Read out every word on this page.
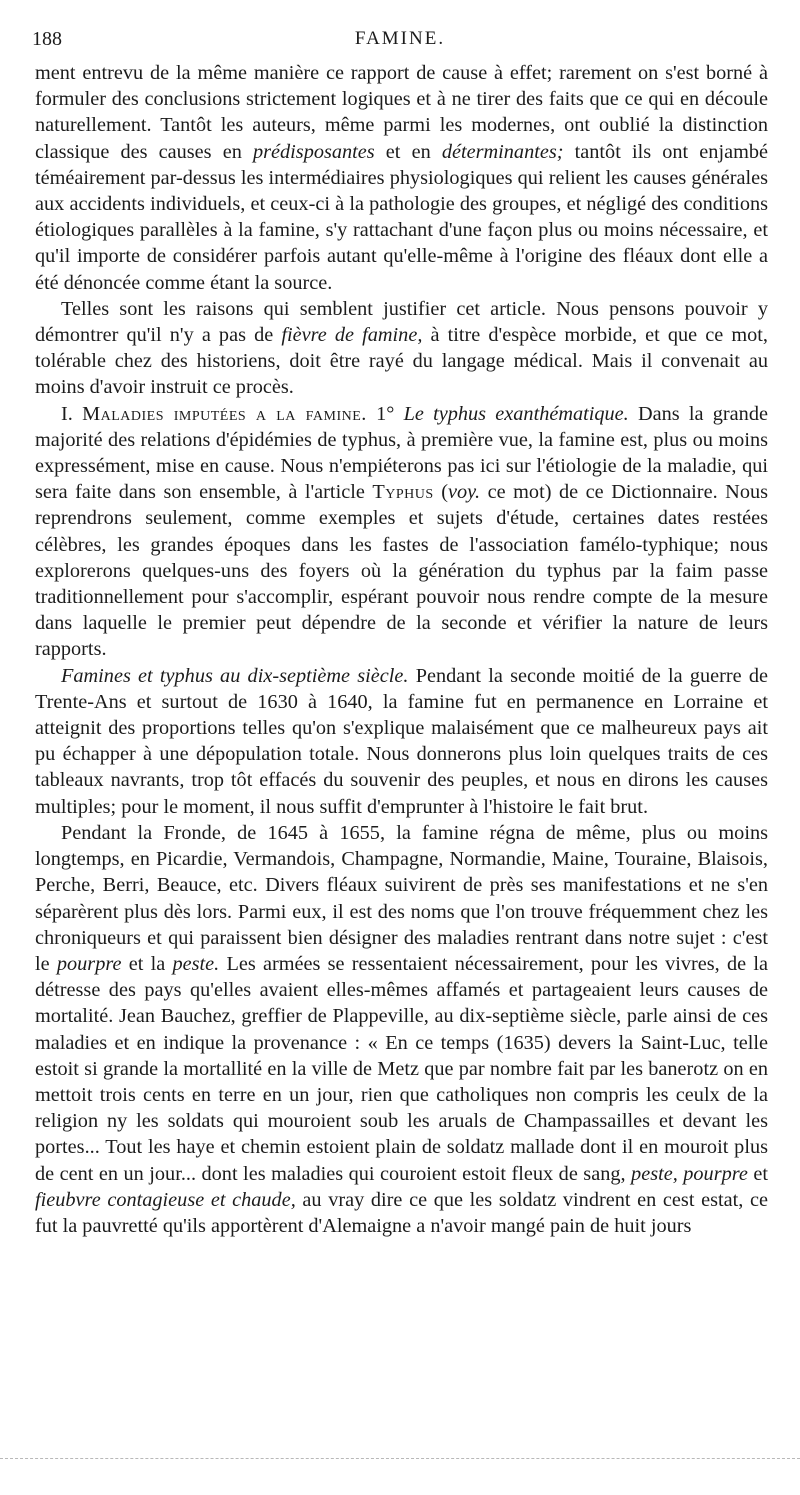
188	FAMINE.

ment entrevu de la même manière ce rapport de cause à effet; rarement on s'est borné à formuler des conclusions strictement logiques et à ne tirer des faits que ce qui en découle naturellement. Tantôt les auteurs, même parmi les modernes, ont oublié la distinction classique des causes en prédisposantes et en déterminantes; tantôt ils ont enjambé téméairement par-dessus les intermédiaires physiologiques qui relient les causes générales aux accidents individuels, et ceux-ci à la pathologie des groupes, et négligé des conditions étiologiques parallèles à la famine, s'y rattachant d'une façon plus ou moins nécessaire, et qu'il importe de considérer parfois autant qu'elle-même à l'origine des fléaux dont elle a été dénoncée comme étant la source.

Telles sont les raisons qui semblent justifier cet article. Nous pensons pouvoir y démontrer qu'il n'y a pas de fièvre de famine, à titre d'espèce morbide, et que ce mot, tolérable chez des historiens, doit être rayé du langage médical. Mais il convenait au moins d'avoir instruit ce procès.

I. Maladies imputées a la famine. 1° Le typhus exanthématique. Dans la grande majorité des relations d'épidémies de typhus, à première vue, la famine est, plus ou moins expressément, mise en cause. Nous n'empiéterons pas ici sur l'étiologie de la maladie, qui sera faite dans son ensemble, à l'article Typhus (voy. ce mot) de ce Dictionnaire. Nous reprendrons seulement, comme exemples et sujets d'étude, certaines dates restées célèbres, les grandes époques dans les fastes de l'association famélo-typhique; nous explorerons quelques-uns des foyers où la génération du typhus par la faim passe traditionnellement pour s'accomplir, espérant pouvoir nous rendre compte de la mesure dans laquelle le premier peut dépendre de la seconde et vérifier la nature de leurs rapports.

Famines et typhus au dix-septième siècle. Pendant la seconde moitié de la guerre de Trente-Ans et surtout de 1630 à 1640, la famine fut en permanence en Lorraine et atteignit des proportions telles qu'on s'explique malaisément que ce malheureux pays ait pu échapper à une dépopulation totale. Nous donnerons plus loin quelques traits de ces tableaux navrants, trop tôt effacés du souvenir des peuples, et nous en dirons les causes multiples; pour le moment, il nous suffit d'emprunter à l'histoire le fait brut.

Pendant la Fronde, de 1645 à 1655, la famine régna de même, plus ou moins longtemps, en Picardie, Vermandois, Champagne, Normandie, Maine, Touraine, Blaisois, Perche, Berri, Beauce, etc. Divers fléaux suivirent de près ses manifestations et ne s'en séparèrent plus dès lors. Parmi eux, il est des noms que l'on trouve fréquemment chez les chroniqueurs et qui paraissent bien désigner des maladies rentrant dans notre sujet : c'est le pourpre et la peste. Les armées se ressentaient nécessairement, pour les vivres, de la détresse des pays qu'elles avaient elles-mêmes affamés et partageaient leurs causes de mortalité. Jean Bauchez, greffier de Plappeville, au dix-septième siècle, parle ainsi de ces maladies et en indique la provenance : « En ce temps (1635) devers la Saint-Luc, telle estoit si grande la mortallité en la ville de Metz que par nombre fait par les banerotz on en mettoit trois cents en terre en un jour, rien que catholiques non compris les ceulx de la religion ny les soldats qui mouroient soub les aruals de Champassailles et devant les portes... Tout les haye et chemin estoient plain de soldatz mallade dont il en mouroit plus de cent en un jour... dont les maladies qui couroient estoit fleux de sang, peste, pourpre et fieubvre contagieuse et chaude, au vray dire ce que les soldatz vindrent en cest estat, ce fut la pauvretté qu'ils apportèrent d'Alemaigne a n'avoir mangé pain de huit jours
